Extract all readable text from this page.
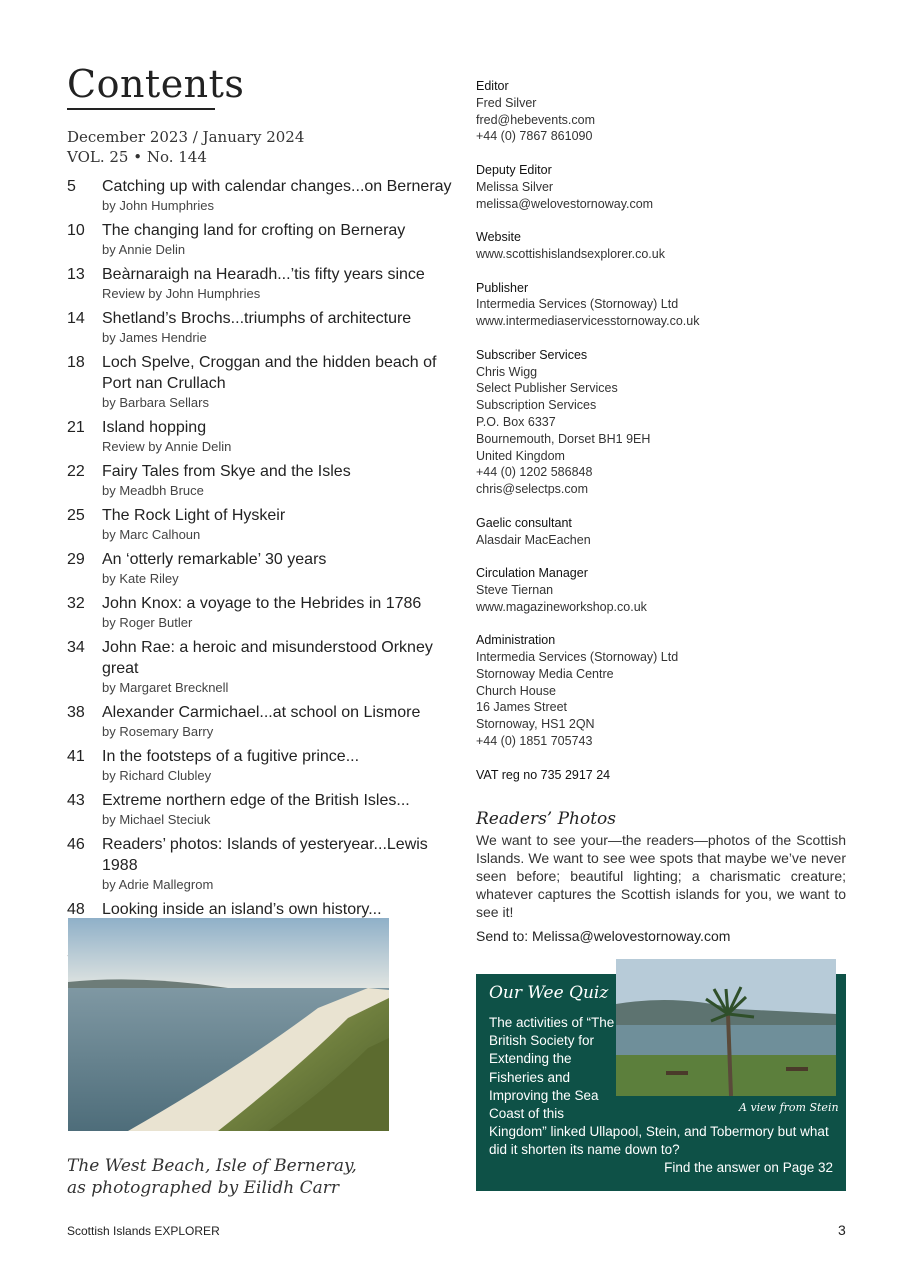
Contents
December 2023 / January 2024
VOL. 25 • No. 144
5 Catching up with calendar changes...on Berneray
by John Humphries
10 The changing land for crofting on Berneray
by Annie Delin
13 Beàrnaraigh na Hearadh...’tis fifty years since
Review by John Humphries
14 Shetland’s Brochs...triumphs of architecture
by James Hendrie
18 Loch Spelve, Croggan and the hidden beach of Port nan Crullach
by Barbara Sellars
21 Island hopping
Review by Annie Delin
22 Fairy Tales from Skye and the Isles
by Meadbh Bruce
25 The Rock Light of Hyskeir
by Marc Calhoun
29 An ‘otterly remarkable’ 30 years
by Kate Riley
32 John Knox: a voyage to the Hebrides in 1786
by Roger Butler
34 John Rae: a heroic and misunderstood Orkney great
by Margaret Brecknell
38 Alexander Carmichael...at school on Lismore
by Rosemary Barry
41 In the footsteps of a fugitive prince...
by Richard Clubley
43 Extreme northern edge of the British Isles...
by Michael Steciuk
46 Readers’ photos: Islands of yesteryear...Lewis 1988
by Adrie Mallegrom
48 Looking inside an island’s own history...
The West Beach, Isle of Berneray,
as photographed by Eilidh Carr
Editor
Fred Silver
fred@hebevents.com
+44 (0) 7867 861090
Deputy Editor
Melissa Silver
melissa@welovestornoway.com
Website
www.scottishislandsexplorer.co.uk
Publisher
Intermedia Services (Stornoway) Ltd
www.intermediaservicesstornoway.co.uk
Subscriber Services
Chris Wigg
Select Publisher Services
Subscription Services
P.O. Box 6337
Bournemouth, Dorset BH1 9EH
United Kingdom
+44 (0) 1202 586848
chris@selectps.com
Gaelic consultant
Alasdair MacEachen
Circulation Manager
Steve Tiernan
www.magazineworkshop.co.uk
Administration
Intermedia Services (Stornoway) Ltd
Stornoway Media Centre
Church House
16 James Street
Stornoway, HS1 2QN
+44 (0) 1851 705743
VAT reg no 735 2917 24
Readers’ Photos

We want to see your—the readers—photos of the Scottish Islands. We want to see wee spots that maybe we’ve never seen before; beautiful lighting; a charismatic creature; whatever captures the Scottish islands for you, we want to see it!

Send to: Melissa@welovestornoway.com
Our Wee Quiz
The activities of “The British Society for Extending the Fisheries and Improving the Sea Coast of this
Kingdom” linked Ullapool, Stein, and Tobermory but what did it shorten its name down to?
A view from Stein
Find the answer on Page 32
Scottish Islands EXPLORER	3
